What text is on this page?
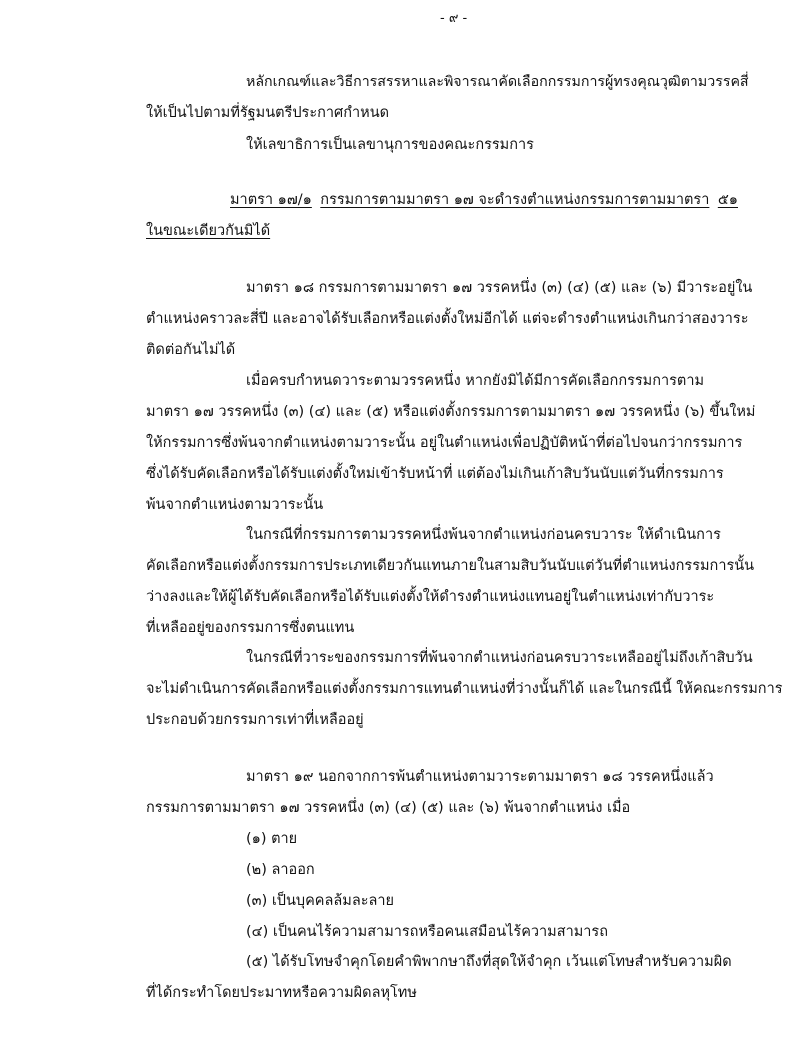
- ๙ -
หลักเกณฑ์และวิธีการสรรหาและพิจารณาคัดเลือกกรรมการผู้ทรงคุณวุฒิตามวรรคสี่
ให้เป็นไปตามที่รัฐมนตรีประกาศกำหนด
ให้เลขาธิการเป็นเลขานุการของคณะกรรมการ
มาตรา ๑๗/๑ กรรมการตามมาตรา ๑๗ จะดำรงตำแหน่งกรรมการตามมาตรา ๕๑
ในขณะเดียวกันมิได้
มาตรา ๑๘ กรรมการตามมาตรา ๑๗ วรรคหนึ่ง (๓) (๔) (๕) และ (๖) มีวาระอยู่ใน
ตำแหน่งคราวละสี่ปี และอาจได้รับเลือกหรือแต่งตั้งใหม่อีกได้ แต่จะดำรงตำแหน่งเกินกว่าสองวาระ
ติดต่อกันไม่ได้
เมื่อครบกำหนดวาระตามวรรคหนึ่ง หากยังมิได้มีการคัดเลือกกรรมการตาม
มาตรา ๑๗ วรรคหนึ่ง (๓) (๔) และ (๕) หรือแต่งตั้งกรรมการตามมาตรา ๑๗ วรรคหนึ่ง (๖) ขึ้นใหม่
ให้กรรมการซึ่งพ้นจากตำแหน่งตามวาระนั้น อยู่ในตำแหน่งเพื่อปฏิบัติหน้าที่ต่อไปจนกว่ากรรมการ
ซึ่งได้รับคัดเลือกหรือได้รับแต่งตั้งใหม่เข้ารับหน้าที่ แต่ต้องไม่เกินเก้าสิบวันนับแต่วันที่กรรมการ
พ้นจากตำแหน่งตามวาระนั้น
ในกรณีที่กรรมการตามวรรคหนึ่งพ้นจากตำแหน่งก่อนครบวาระ ให้ดำเนินการ
คัดเลือกหรือแต่งตั้งกรรมการประเภทเดียวกันแทนภายในสามสิบวันนับแต่วันที่ตำแหน่งกรรมการนั้น
ว่างลงและให้ผู้ได้รับคัดเลือกหรือได้รับแต่งตั้งให้ดำรงตำแหน่งแทนอยู่ในตำแหน่งเท่ากับวาระ
ที่เหลืออยู่ของกรรมการซึ่งตนแทน
ในกรณีที่วาระของกรรมการที่พ้นจากตำแหน่งก่อนครบวาระเหลืออยู่ไม่ถึงเก้าสิบวัน
จะไม่ดำเนินการคัดเลือกหรือแต่งตั้งกรรมการแทนตำแหน่งที่ว่างนั้นก็ได้ และในกรณีนี้ ให้คณะกรรมการ
ประกอบด้วยกรรมการเท่าที่เหลืออยู่
มาตรา ๑๙ นอกจากการพ้นตำแหน่งตามวาระตามมาตรา ๑๘ วรรคหนึ่งแล้ว
กรรมการตามมาตรา ๑๗ วรรคหนึ่ง (๓) (๔) (๕) และ (๖) พ้นจากตำแหน่ง เมื่อ
(๑) ตาย
(๒) ลาออก
(๓) เป็นบุคคลล้มละลาย
(๔) เป็นคนไร้ความสามารถหรือคนเสมือนไร้ความสามารถ
(๕) ได้รับโทษจำคุกโดยคำพิพากษาถึงที่สุดให้จำคุก เว้นแต่โทษสำหรับความผิด
ที่ได้กระทำโดยประมาทหรือความผิดลหุโทษ
